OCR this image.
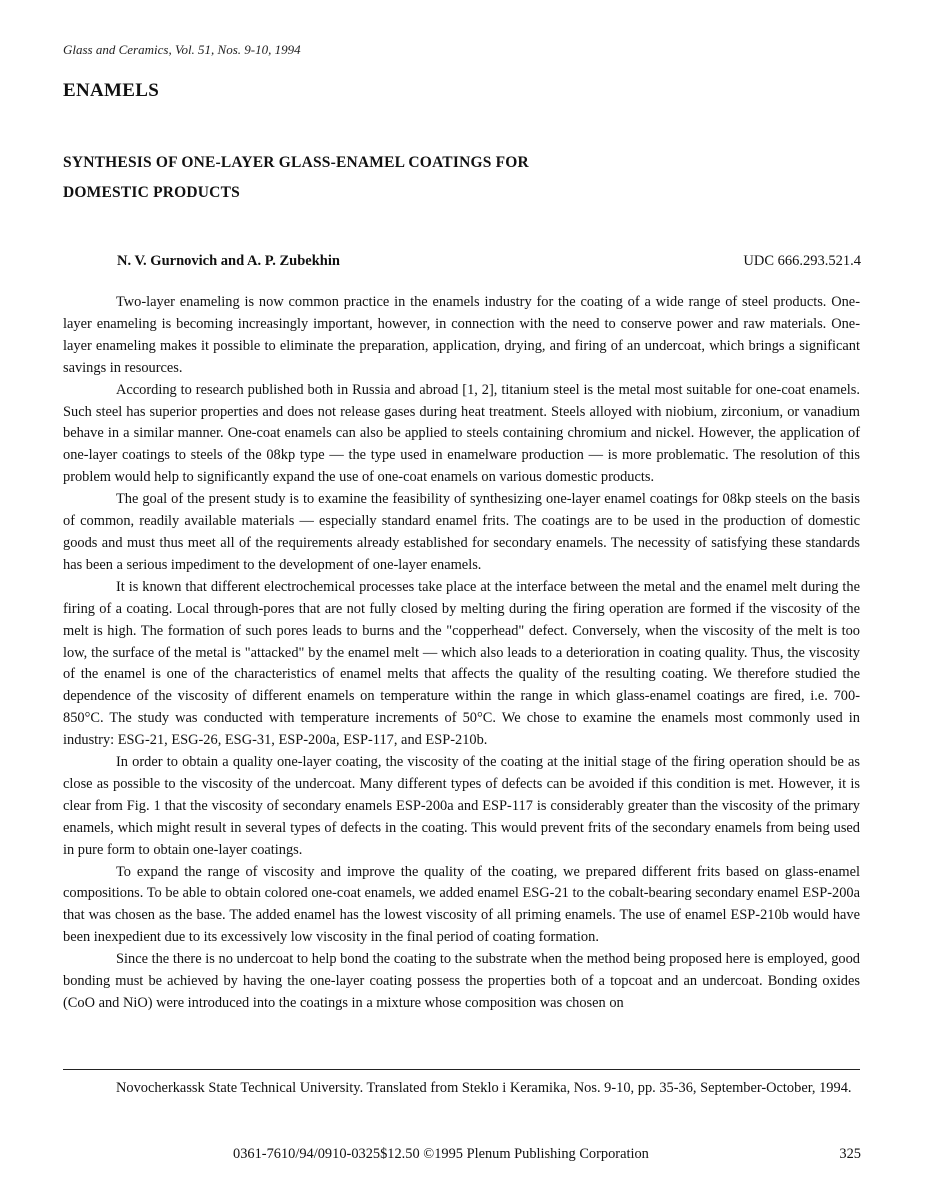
Glass and Ceramics, Vol. 51, Nos. 9-10, 1994
ENAMELS
SYNTHESIS OF ONE-LAYER GLASS-ENAMEL COATINGS FOR
DOMESTIC PRODUCTS
N. V. Gurnovich and A. P. Zubekhin	UDC 666.293.521.4

Two-layer enameling is now common practice in the enamels industry for the coating of a wide range of steel products. One-layer enameling is becoming increasingly important, however, in connection with the need to conserve power and raw materials. One-layer enameling makes it possible to eliminate the preparation, application, drying, and firing of an undercoat, which brings a significant savings in resources.

According to research published both in Russia and abroad [1, 2], titanium steel is the metal most suitable for one-coat enamels. Such steel has superior properties and does not release gases during heat treatment. Steels alloyed with niobium, zirconium, or vanadium behave in a similar manner. One-coat enamels can also be applied to steels containing chromium and nickel. However, the application of one-layer coatings to steels of the 08kp type — the type used in enamelware production — is more problematic. The resolution of this problem would help to significantly expand the use of one-coat enamels on various domestic products.

The goal of the present study is to examine the feasibility of synthesizing one-layer enamel coatings for 08kp steels on the basis of common, readily available materials — especially standard enamel frits. The coatings are to be used in the production of domestic goods and must thus meet all of the requirements already established for secondary enamels. The necessity of satisfying these standards has been a serious impediment to the development of one-layer enamels.

It is known that different electrochemical processes take place at the interface between the metal and the enamel melt during the firing of a coating. Local through-pores that are not fully closed by melting during the firing operation are formed if the viscosity of the melt is high. The formation of such pores leads to burns and the "copperhead" defect. Conversely, when the viscosity of the melt is too low, the surface of the metal is "attacked" by the enamel melt — which also leads to a deterioration in coating quality. Thus, the viscosity of the enamel is one of the characteristics of enamel melts that affects the quality of the resulting coating. We therefore studied the dependence of the viscosity of different enamels on temperature within the range in which glass-enamel coatings are fired, i.e. 700-850°C. The study was conducted with temperature increments of 50°C. We chose to examine the enamels most commonly used in industry: ESG-21, ESG-26, ESG-31, ESP-200a, ESP-117, and ESP-210b.

In order to obtain a quality one-layer coating, the viscosity of the coating at the initial stage of the firing operation should be as close as possible to the viscosity of the undercoat. Many different types of defects can be avoided if this condition is met. However, it is clear from Fig. 1 that the viscosity of secondary enamels ESP-200a and ESP-117 is considerably greater than the viscosity of the primary enamels, which might result in several types of defects in the coating. This would prevent frits of the secondary enamels from being used in pure form to obtain one-layer coatings.

To expand the range of viscosity and improve the quality of the coating, we prepared different frits based on glass-enamel compositions. To be able to obtain colored one-coat enamels, we added enamel ESG-21 to the cobalt-bearing secondary enamel ESP-200a that was chosen as the base. The added enamel has the lowest viscosity of all priming enamels. The use of enamel ESP-210b would have been inexpedient due to its excessively low viscosity in the final period of coating formation.

Since the there is no undercoat to help bond the coating to the substrate when the method being proposed here is employed, good bonding must be achieved by having the one-layer coating possess the properties both of a topcoat and an undercoat. Bonding oxides (CoO and NiO) were introduced into the coatings in a mixture whose composition was chosen on

Novocherkassk State Technical University. Translated from Steklo i Keramika, Nos. 9-10, pp. 35-36, September-October, 1994.

0361-7610/94/0910-0325$12.50 ©1995 Plenum Publishing Corporation	325
